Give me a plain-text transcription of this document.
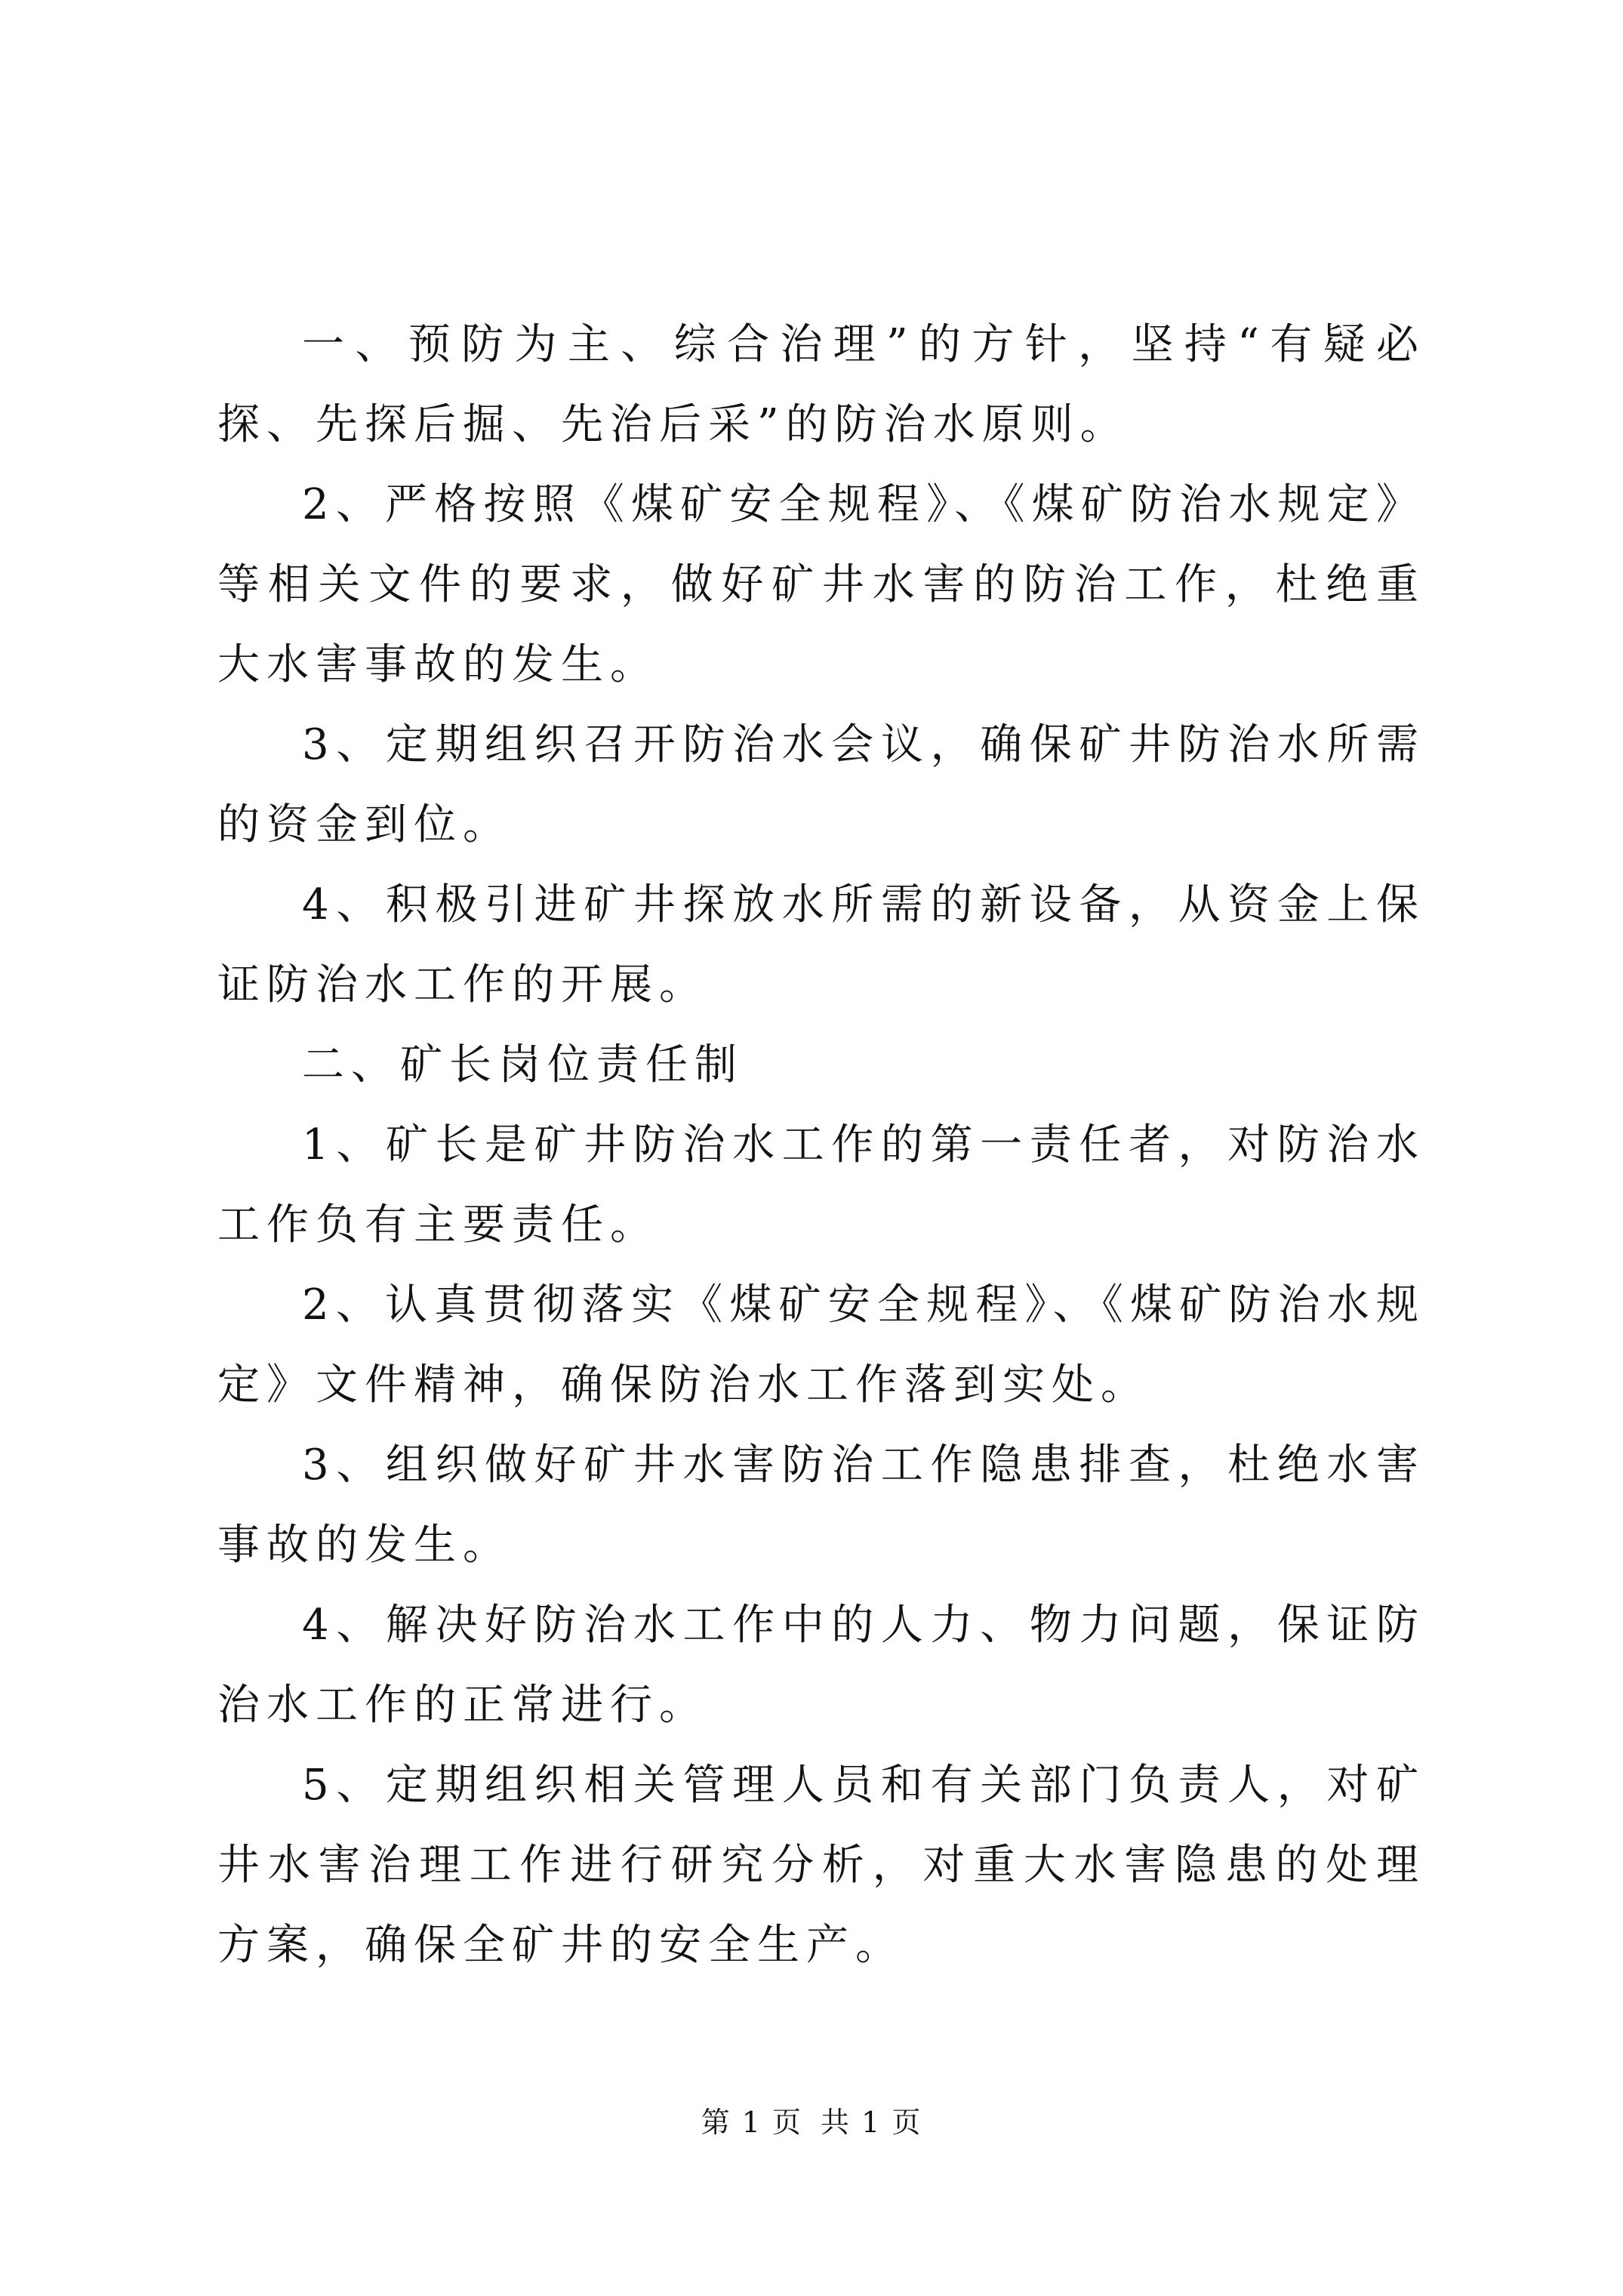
一、预防为主、综合治理”的方针，坚持“有疑必探、先探后掘、先治后采”的防治水原则。

2、严格按照《煤矿安全规程》、《煤矿防治水规定》等相关文件的要求，做好矿井水害的防治工作，杜绝重大水害事故的发生。

3、定期组织召开防治水会议，确保矿井防治水所需的资金到位。

4、积极引进矿井探放水所需的新设备，从资金上保证防治水工作的开展。

二、矿长岗位责任制

1、矿长是矿井防治水工作的第一责任者，对防治水工作负有主要责任。

2、认真贯彻落实《煤矿安全规程》、《煤矿防治水规定》文件精神，确保防治水工作落到实处。

3、组织做好矿井水害防治工作隐患排查，杜绝水害事故的发生。

4、解决好防治水工作中的人力、物力问题，保证防治水工作的正常进行。

5、定期组织相关管理人员和有关部门负责人，对矿井水害治理工作进行研究分析，对重大水害隐患的处理方案，确保全矿井的安全生产。

第 1 页 共 1 页
